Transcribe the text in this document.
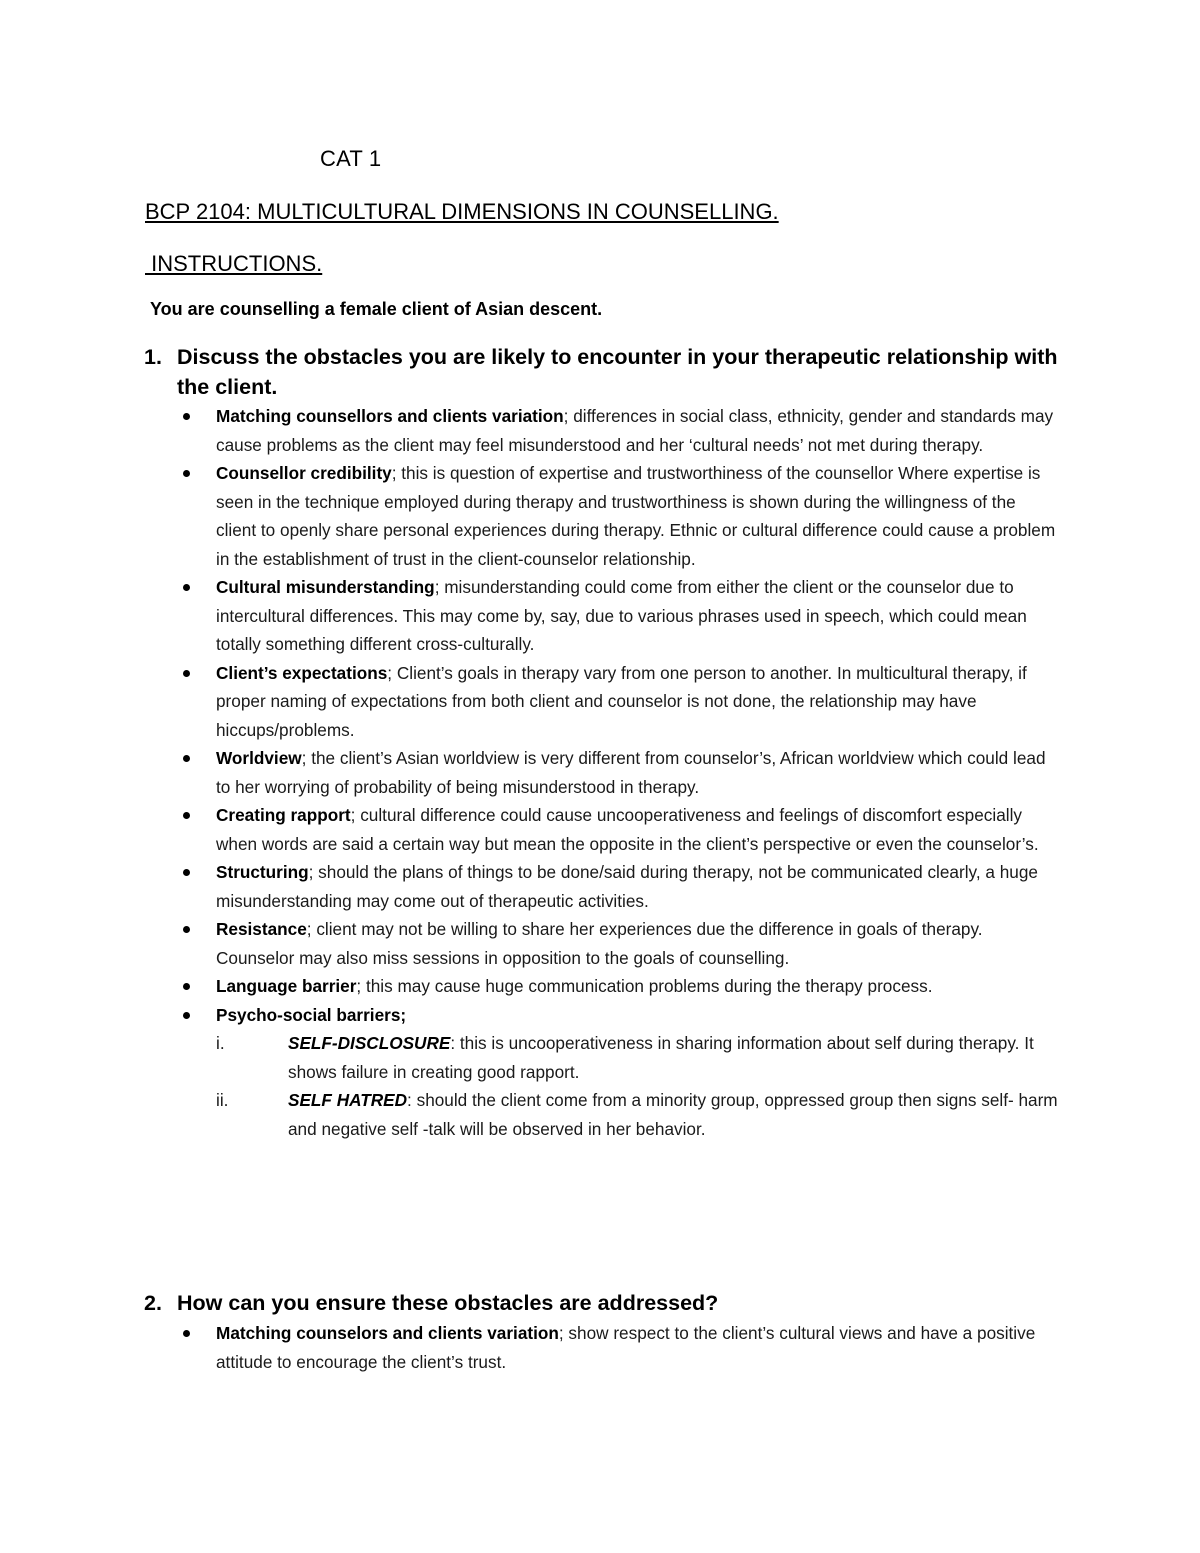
CAT 1
BCP 2104: MULTICULTURAL DIMENSIONS IN COUNSELLING.
INSTRUCTIONS.
You are counselling a female client of Asian descent.
1. Discuss the obstacles you are likely to encounter in your therapeutic relationship with the client.
Matching counsellors and clients variation; differences in social class, ethnicity, gender and standards may cause problems as the client may feel misunderstood and her ‘cultural needs’ not met during therapy.
Counsellor credibility; this is question of expertise and trustworthiness of the counsellor Where expertise is seen in the technique employed during therapy and trustworthiness is shown during the willingness of the client to openly share personal experiences during therapy. Ethnic or cultural difference could cause a problem in the establishment of trust in the client-counselor relationship.
Cultural misunderstanding; misunderstanding could come from either the client or the counselor due to intercultural differences. This may come by, say, due to various phrases used in speech, which could mean totally something different cross-culturally.
Client’s expectations; Client’s goals in therapy vary from one person to another. In multicultural therapy, if proper naming of expectations from both client and counselor is not done, the relationship may have hiccups/problems.
Worldview; the client’s Asian worldview is very different from counselor’s, African worldview which could lead to her worrying of probability of being misunderstood in therapy.
Creating rapport; cultural difference could cause uncooperativeness and feelings of discomfort especially when words are said a certain way but mean the opposite in the client’s perspective or even the counselor’s.
Structuring; should the plans of things to be done/said during therapy, not be communicated clearly, a huge misunderstanding may come out of therapeutic activities.
Resistance; client may not be willing to share her experiences due the difference in goals of therapy. Counselor may also miss sessions in opposition to the goals of counselling.
Language barrier; this may cause huge communication problems during the therapy process.
Psycho-social barriers;
i.	SELF-DISCLOSURE: this is uncooperativeness in sharing information about self during therapy. It shows failure in creating good rapport.
ii.	SELF HATRED: should the client come from a minority group, oppressed group then signs self- harm and negative self -talk will be observed in her behavior.
2. How can you ensure these obstacles are addressed?
Matching counselors and clients variation; show respect to the client’s cultural views and have a positive attitude to encourage the client’s trust.
